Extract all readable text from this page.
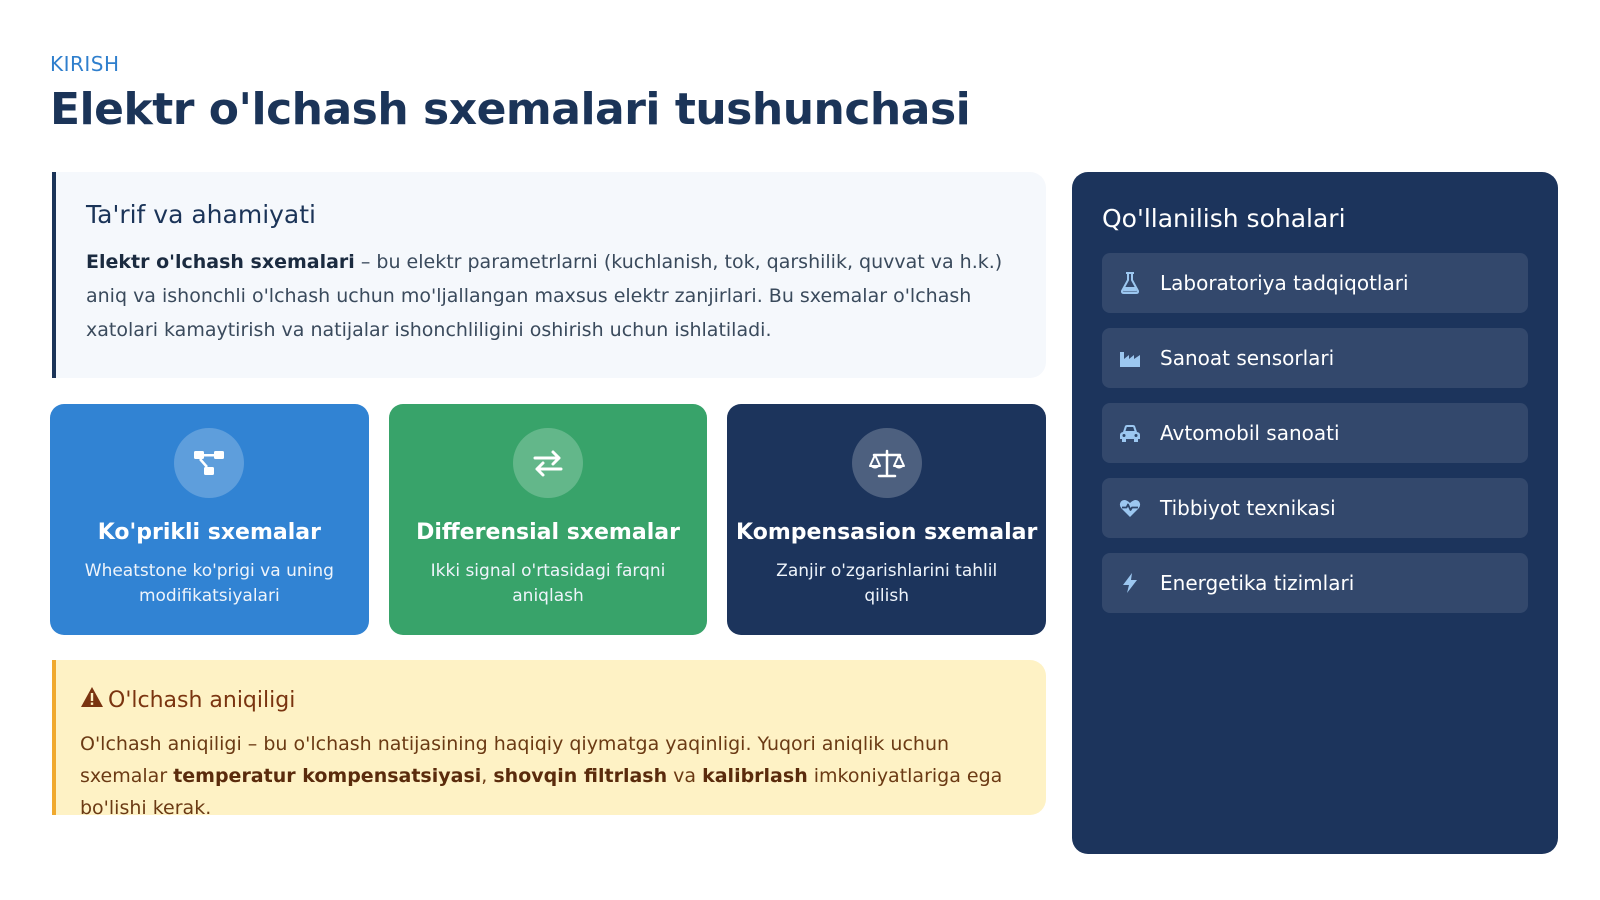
KIRISH
Elektr o'lchash sxemalari tushunchasi
Ta'rif va ahamiyati

Elektr o'lchash sxemalari – bu elektr parametrlarni (kuchlanish, tok, qarshilik, quvvat va h.k.) aniq va ishonchli o'lchash uchun mo'ljallangan maxsus elektr zanjirlari. Bu sxemalar o'lchash xatolari kamaytirish va natijalar ishonchliligini oshirish uchun ishlatiladi.

Ko'prikli sxemalar
Wheatstone ko'prigi va uning modifikatsiyalari
Differensial sxemalar
Ikki signal o'rtasidagi farqni aniqlash
Kompensasion sxemalar
Zanjir o'zgarishlarini tahlil qilish
O'lchash aniqiligi

O'lchash aniqiligi – bu o'lchash natijasining haqiqiy qiymatga yaqinligi. Yuqori aniqlik uchun sxemalar temperatur kompensatsiyasi, shovqin filtrlash va kalibrlash imkoniyatlariga ega bo'lishi kerak.

Qo'llanilish sohalari
Laboratoriya tadqiqotlari
Sanoat sensorlari
Avtomobil sanoati
Tibbiyot texnikasi
Energetika tizimlari
